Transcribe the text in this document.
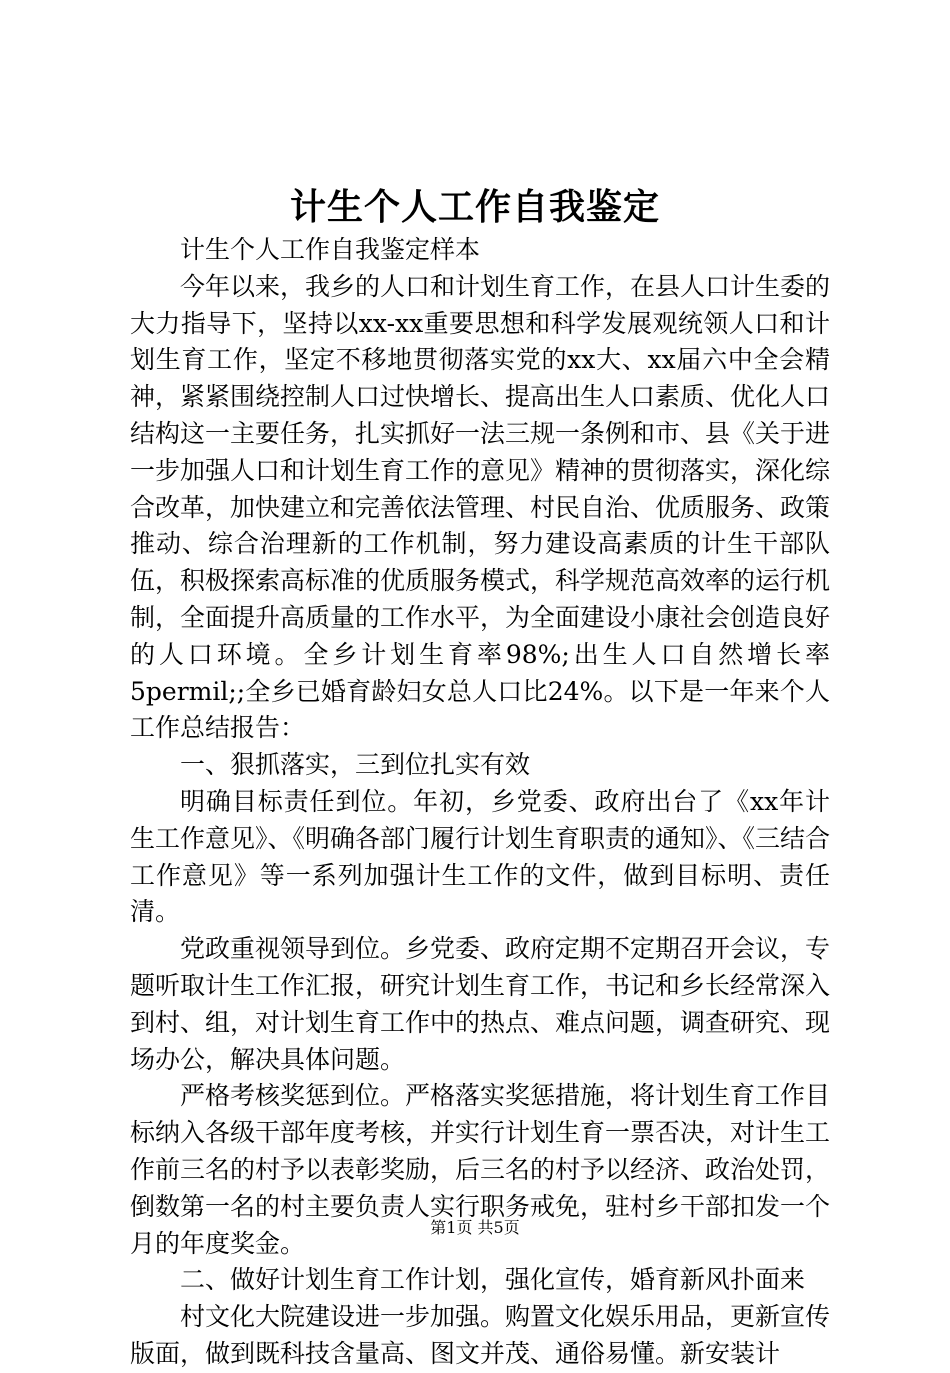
计生个人工作自我鉴定

计生个人工作自我鉴定样本

今年以来，我乡的人口和计划生育工作，在县人口计生委的大力指导下，坚持以xx-xx重要思想和科学发展观统领人口和计划生育工作，坚定不移地贯彻落实党的xx大、xx届六中全会精神，紧紧围绕控制人口过快增长、提高出生人口素质、优化人口结构这一主要任务，扎实抓好一法三规一条例和市、县《关于进一步加强人口和计划生育工作的意见》精神的贯彻落实，深化综合改革，加快建立和完善依法管理、村民自治、优质服务、政策推动、综合治理新的工作机制，努力建设高素质的计生干部队伍，积极探索高标准的优质服务模式，科学规范高效率的运行机制，全面提升高质量的工作水平，为全面建设小康社会创造良好的人口环境。全乡计划生育率98%;出生人口自然增长率5permil;;全乡已婚育龄妇女总人口比24%。以下是一年来个人工作总结报告：

一、狠抓落实，三到位扎实有效

明确目标责任到位。年初，乡党委、政府出台了《xx年计生工作意见》、《明确各部门履行计划生育职责的通知》、《三结合工作意见》等一系列加强计生工作的文件，做到目标明、责任清。

党政重视领导到位。乡党委、政府定期不定期召开会议，专题听取计生工作汇报，研究计划生育工作，书记和乡长经常深入到村、组，对计划生育工作中的热点、难点问题，调查研究、现场办公，解决具体问题。

严格考核奖惩到位。严格落实奖惩措施，将计划生育工作目标纳入各级干部年度考核，并实行计划生育一票否决，对计生工作前三名的村予以表彰奖励，后三名的村予以经济、政治处罚，倒数第一名的村主要负责人实行职务戒免，驻村乡干部扣发一个月的年度奖金。

二、做好计划生育工作计划，强化宣传，婚育新风扑面来

村文化大院建设进一步加强。购置文化娱乐用品，更新宣传版面，做到既科技含量高、图文并茂、通俗易懂。新安装计

第1页 共5页
